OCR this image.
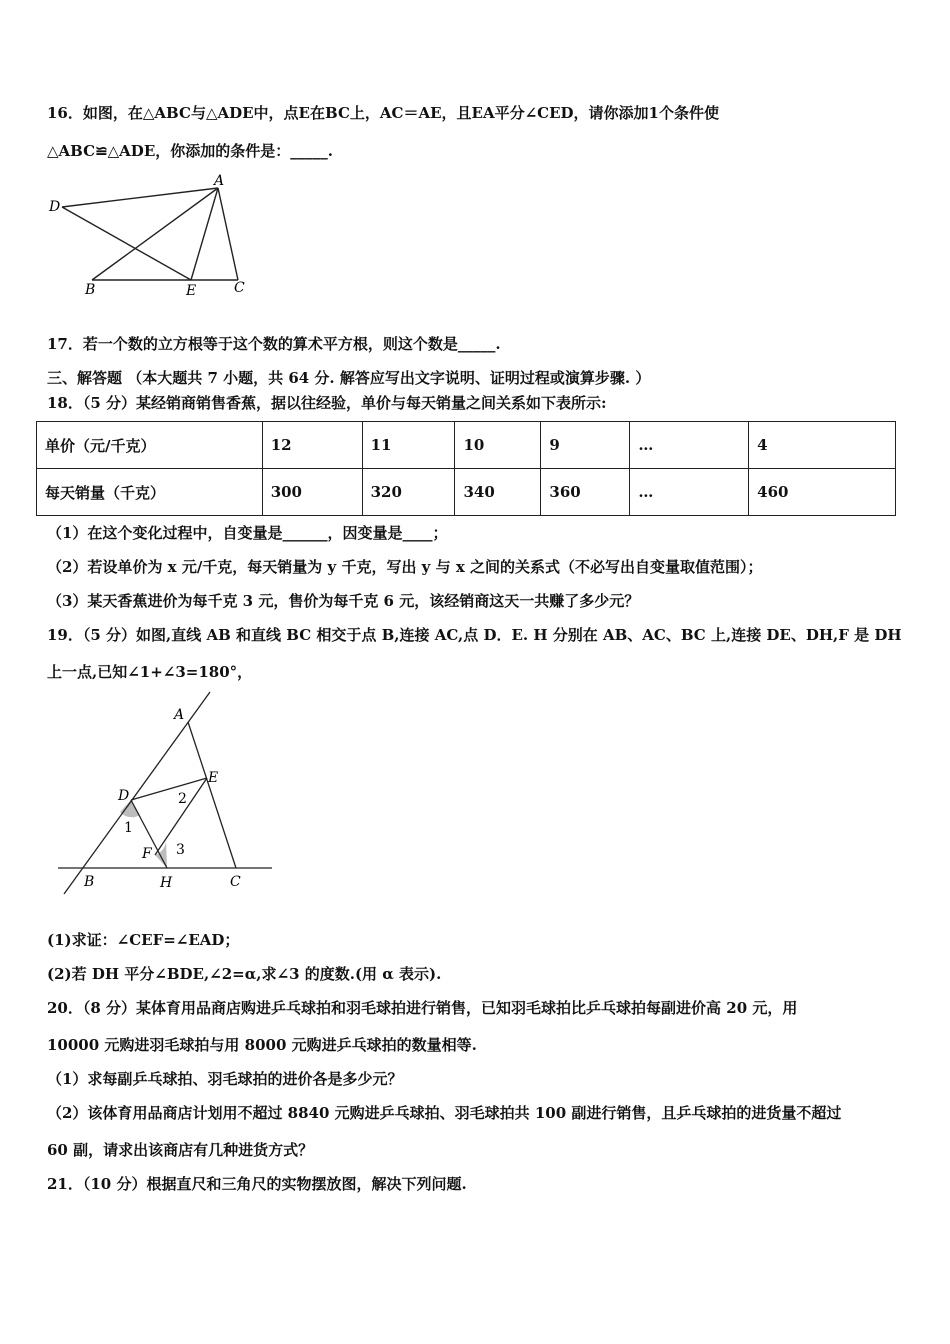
16．如图，在△ABC与△ADE中，点E在BC上，AC＝AE，且EA平分∠CED，请你添加1个条件使
△ABC≌△ADE，你添加的条件是：_____.
D
A
B	E	C
17．若一个数的立方根等于这个数的算术平方根，则这个数是_____.
三、解答题 （本大题共 7 小题，共 64 分. 解答应写出文字说明、证明过程或演算步骤. ）
18．（5 分）某经销商销售香蕉，据以往经验，单价与每天销量之间关系如下表所示:
单价（元/千克）	12	11	10	9	…	4
每天销量（千克）	300	320	340	360	…	460
（1）在这个变化过程中，自变量是______，因变量是____；
（2）若设单价为 x 元/千克，每天销量为 y 千克，写出 y 与 x 之间的关系式（不必写出自变量取值范围）；
（3）某天香蕉进价为每千克 3 元，售价为每千克 6 元，该经销商这天一共赚了多少元？
19．（5 分）如图,直线 AB 和直线 BC 相交于点 B,连接 AC,点 D．E. H 分别在 AB、AC、BC 上,连接 DE、DH,F 是 DH
上一点,已知∠1+∠3=180°，
A
E
D	2
1
F 3
B	H	C
(1)求证：∠CEF=∠EAD；
(2)若 DH 平分∠BDE,∠2=α,求∠3 的度数.(用 α 表示).
20．（8 分）某体育用品商店购进乒乓球拍和羽毛球拍进行销售，已知羽毛球拍比乒乓球拍每副进价高 20 元，用
10000 元购进羽毛球拍与用 8000 元购进乒乓球拍的数量相等.
（1）求每副乒乓球拍、羽毛球拍的进价各是多少元？
（2）该体育用品商店计划用不超过 8840 元购进乒乓球拍、羽毛球拍共 100 副进行销售，且乒乓球拍的进货量不超过
60 副，请求出该商店有几种进货方式？
21．（10 分）根据直尺和三角尺的实物摆放图，解决下列问题.
